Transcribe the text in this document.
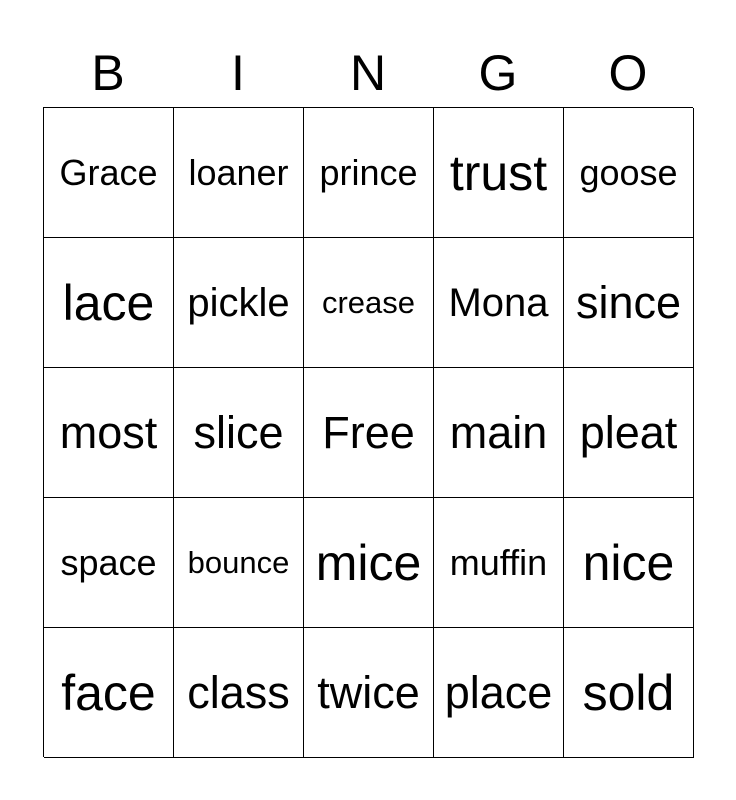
B	I	N	G	O
Grace loaner prince trust goose
lace pickle	crease Mona since
most slice Free main pleat
space	bounce mice muffin nice
face class twice place sold
